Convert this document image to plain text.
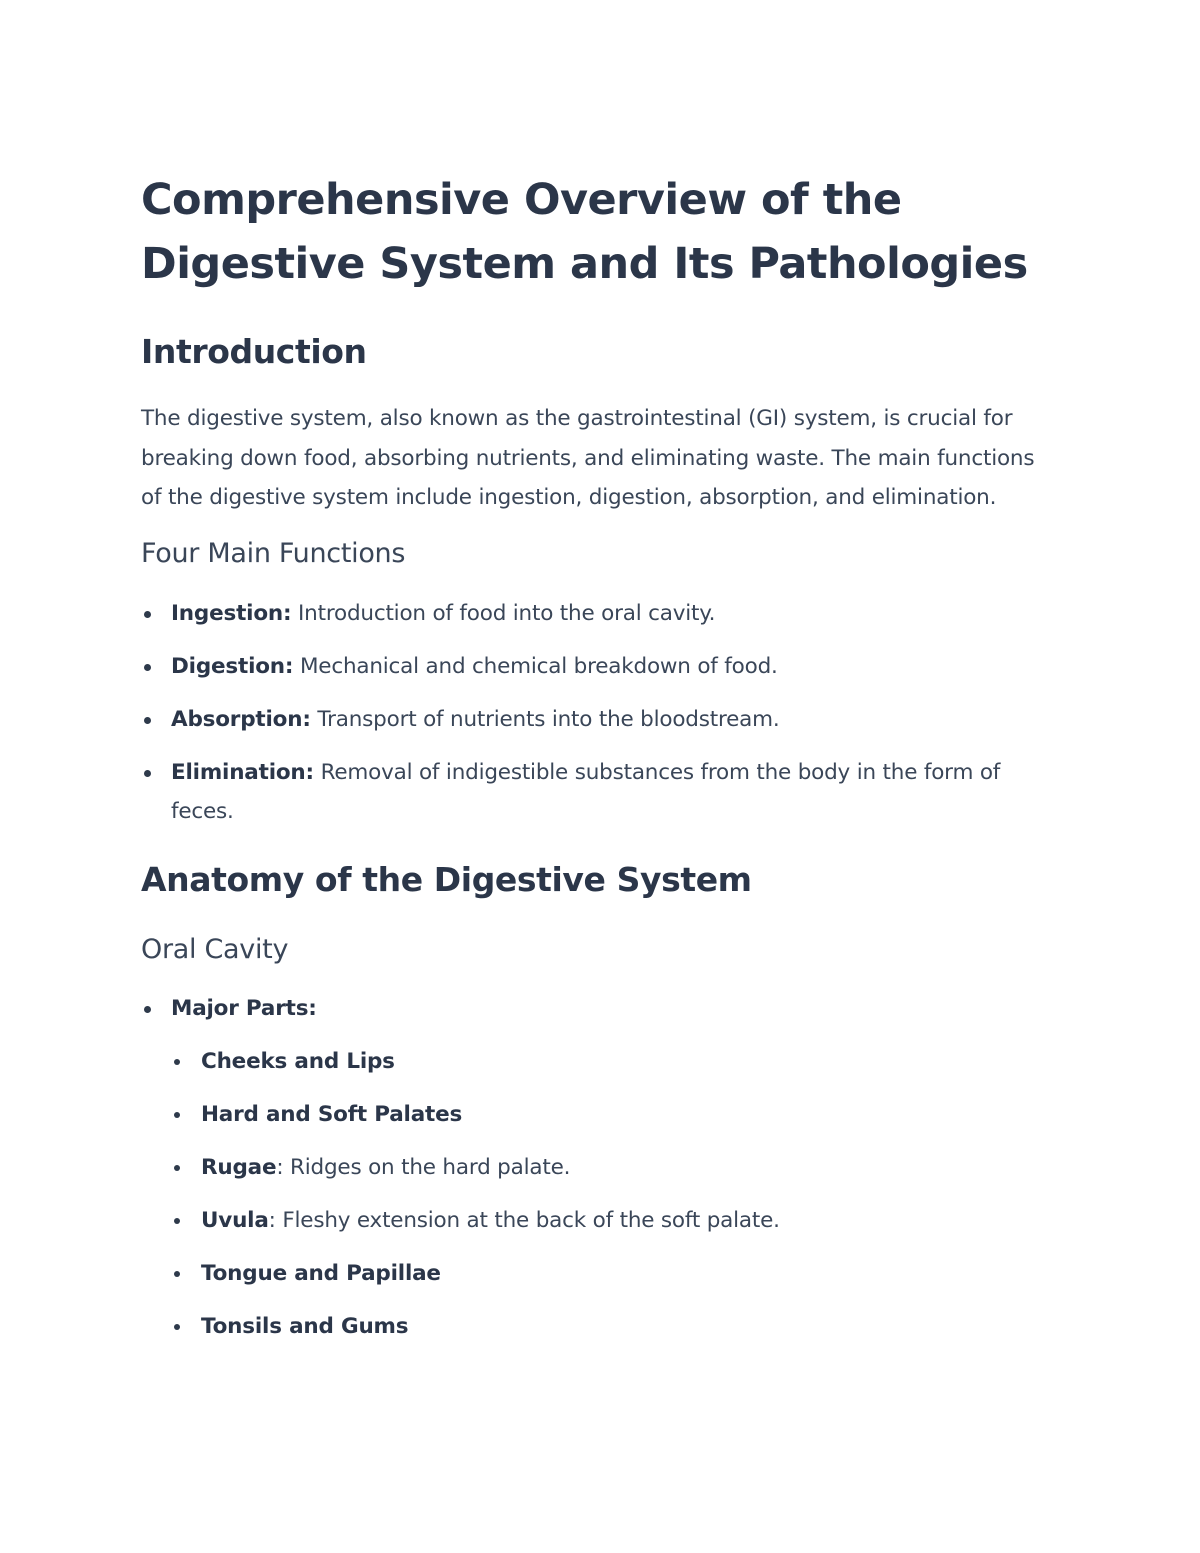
Comprehensive Overview of the Digestive System and Its Pathologies
Introduction

The digestive system, also known as the gastrointestinal (GI) system, is crucial for breaking down food, absorbing nutrients, and eliminating waste. The main functions of the digestive system include ingestion, digestion, absorption, and elimination.

Four Main Functions
Ingestion: Introduction of food into the oral cavity.
Digestion: Mechanical and chemical breakdown of food.
Absorption: Transport of nutrients into the bloodstream.
Elimination: Removal of indigestible substances from the body in the form of feces.
Anatomy of the Digestive System
Oral Cavity
Major Parts:
Cheeks and Lips
Hard and Soft Palates
Rugae: Ridges on the hard palate.
Uvula: Fleshy extension at the back of the soft palate.
Tongue and Papillae
Tonsils and Gums
